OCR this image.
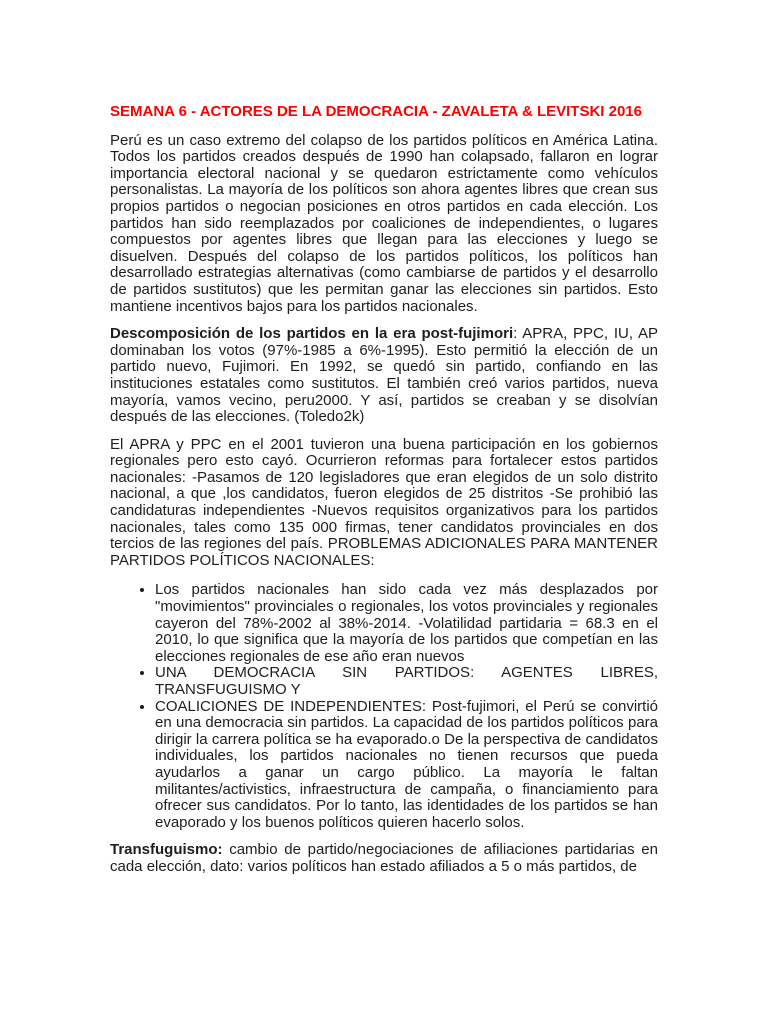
SEMANA 6 - ACTORES DE LA DEMOCRACIA - ZAVALETA & LEVITSKI 2016

Perú es un caso extremo del colapso de los partidos políticos en América Latina. Todos los partidos creados después de 1990 han colapsado, fallaron en lograr importancia electoral nacional y se quedaron estrictamente como vehículos personalistas. La mayoría de los políticos son ahora agentes libres que crean sus propios partidos o negocian posiciones en otros partidos en cada elección. Los partidos han sido reemplazados por coaliciones de independientes, o lugares compuestos por agentes libres que llegan para las elecciones y luego se disuelven. Después del colapso de los partidos políticos, los políticos han desarrollado estrategias alternativas (como cambiarse de partidos y el desarrollo de partidos sustitutos) que les permitan ganar las elecciones sin partidos. Esto mantiene incentivos bajos para los partidos nacionales.

Descomposición de los partidos en la era post-fujimori: APRA, PPC, IU, AP dominaban los votos (97%-1985 a 6%-1995). Esto permitió la elección de un partido nuevo, Fujimori. En 1992, se quedó sin partido, confiando en las instituciones estatales como sustitutos. El también creó varios partidos, nueva mayoría, vamos vecino, peru2000. Y así, partidos se creaban y se disolvían después de las elecciones. (Toledo2k)

El APRA y PPC en el 2001 tuvieron una buena participación en los gobiernos regionales pero esto cayó. Ocurrieron reformas para fortalecer estos partidos nacionales: -Pasamos de 120 legisladores que eran elegidos de un solo distrito nacional, a que ,los candidatos, fueron elegidos de 25 distritos -Se prohibió las candidaturas independientes -Nuevos requisitos organizativos para los partidos nacionales, tales como 135 000 firmas, tener candidatos provinciales en dos tercios de las regiones del país. PROBLEMAS ADICIONALES PARA MANTENER PARTIDOS POLÍTICOS NACIONALES:

• Los partidos nacionales han sido cada vez más desplazados por "movimientos" provinciales o regionales, los votos provinciales y regionales cayeron del 78%-2002 al 38%-2014. -Volatilidad partidaria = 68.3 en el 2010, lo que significa que la mayoría de los partidos que competían en las elecciones regionales de ese año eran nuevos
• UNA DEMOCRACIA SIN PARTIDOS: AGENTES LIBRES, TRANSFUGUISMO Y
• COALICIONES DE INDEPENDIENTES: Post-fujimori, el Perú se convirtió en una democracia sin partidos. La capacidad de los partidos políticos para dirigir la carrera política se ha evaporado.o De la perspectiva de candidatos individuales, los partidos nacionales no tienen recursos que pueda ayudarlos a ganar un cargo público. La mayoría le faltan militantes/activistics, infraestructura de campaña, o financiamiento para ofrecer sus candidatos. Por lo tanto, las identidades de los partidos se han evaporado y los buenos políticos quieren hacerlo solos.

Transfuguismo: cambio de partido/negociaciones de afiliaciones partidarias en cada elección, dato: varios políticos han estado afiliados a 5 o más partidos, de
